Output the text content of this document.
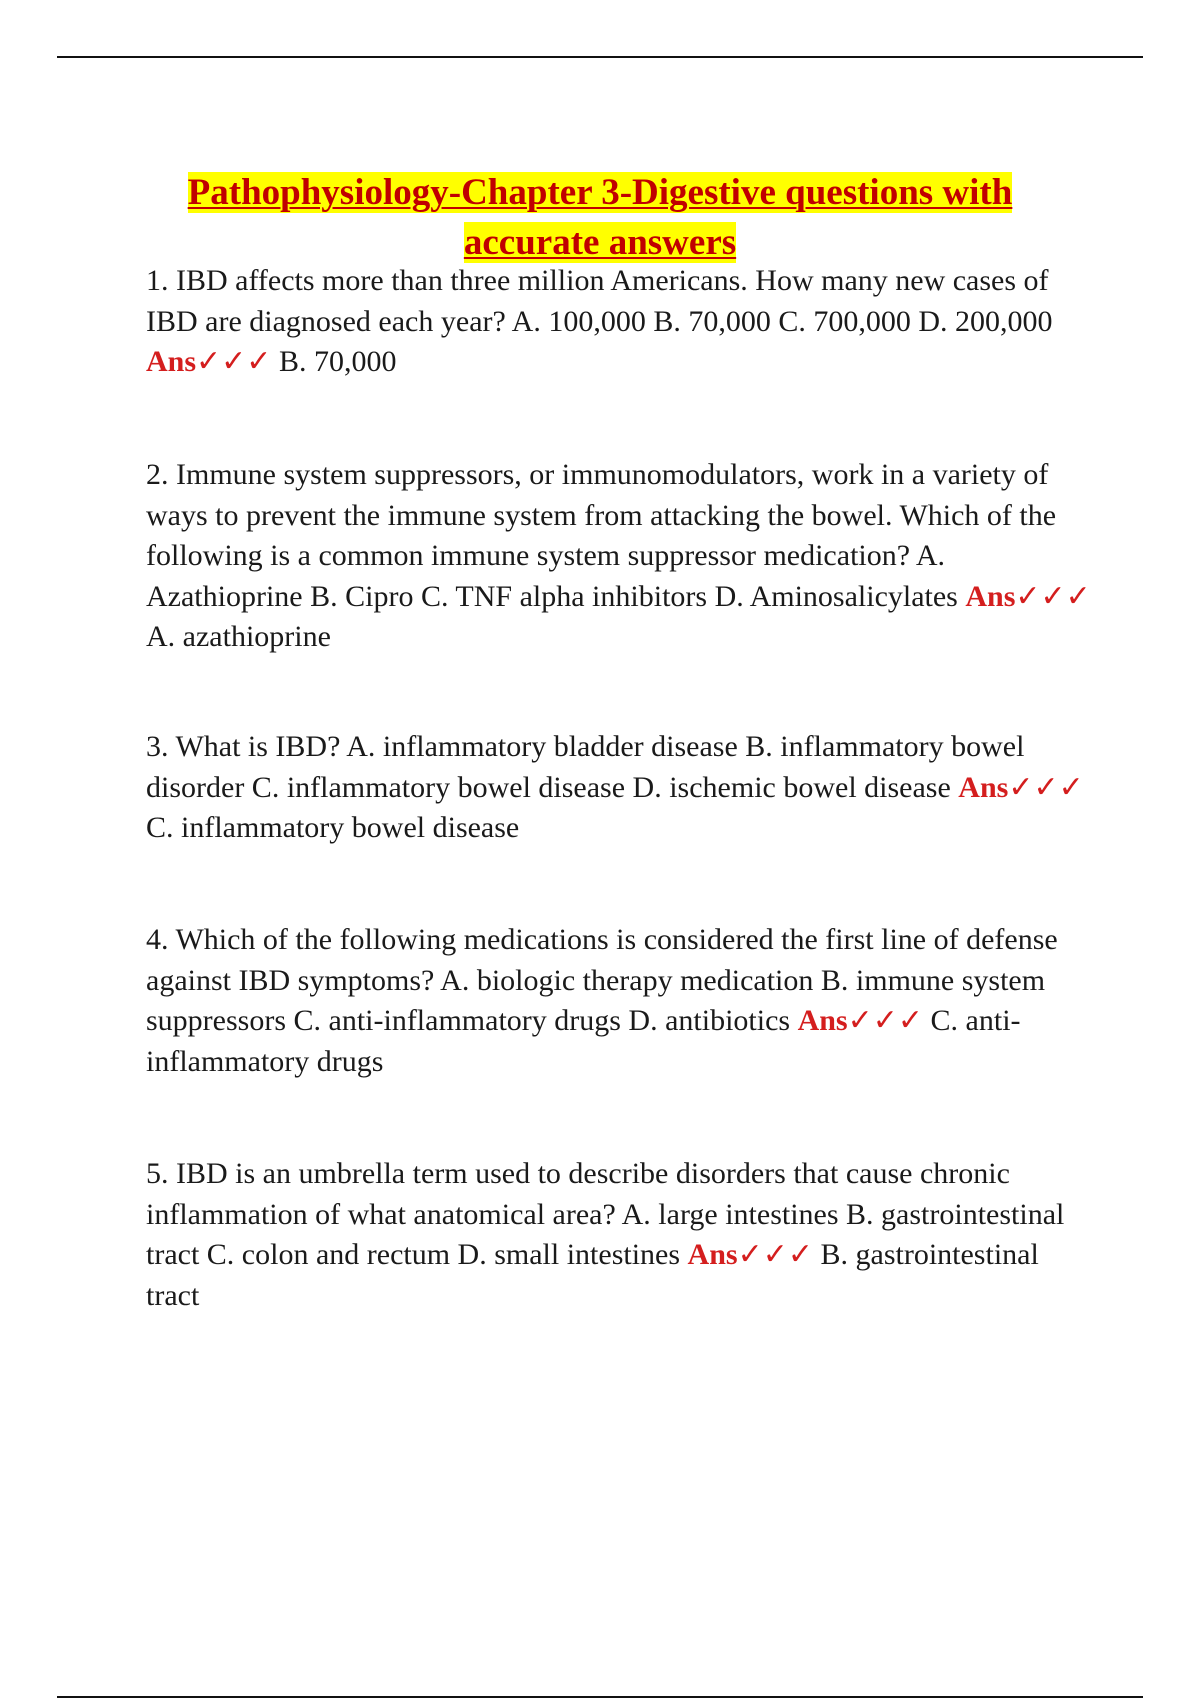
Pathophysiology-Chapter 3-Digestive questions with accurate answers

1. IBD affects more than three million Americans. How many new cases of IBD are diagnosed each year? A. 100,000 B. 70,000 C. 700,000 D. 200,000 Ans✓✓✓ B. 70,000

2. Immune system suppressors, or immunomodulators, work in a variety of ways to prevent the immune system from attacking the bowel. Which of the following is a common immune system suppressor medication? A. Azathioprine B. Cipro C. TNF alpha inhibitors D. Aminosalicylates Ans✓✓✓ A. azathioprine

3. What is IBD? A. inflammatory bladder disease B. inflammatory bowel disorder C. inflammatory bowel disease D. ischemic bowel disease Ans✓✓✓ C. inflammatory bowel disease

4. Which of the following medications is considered the first line of defense against IBD symptoms? A. biologic therapy medication B. immune system suppressors C. anti-inflammatory drugs D. antibiotics Ans✓✓✓ C. anti-inflammatory drugs

5. IBD is an umbrella term used to describe disorders that cause chronic inflammation of what anatomical area? A. large intestines B. gastrointestinal tract C. colon and rectum D. small intestines Ans✓✓✓ B. gastrointestinal tract
